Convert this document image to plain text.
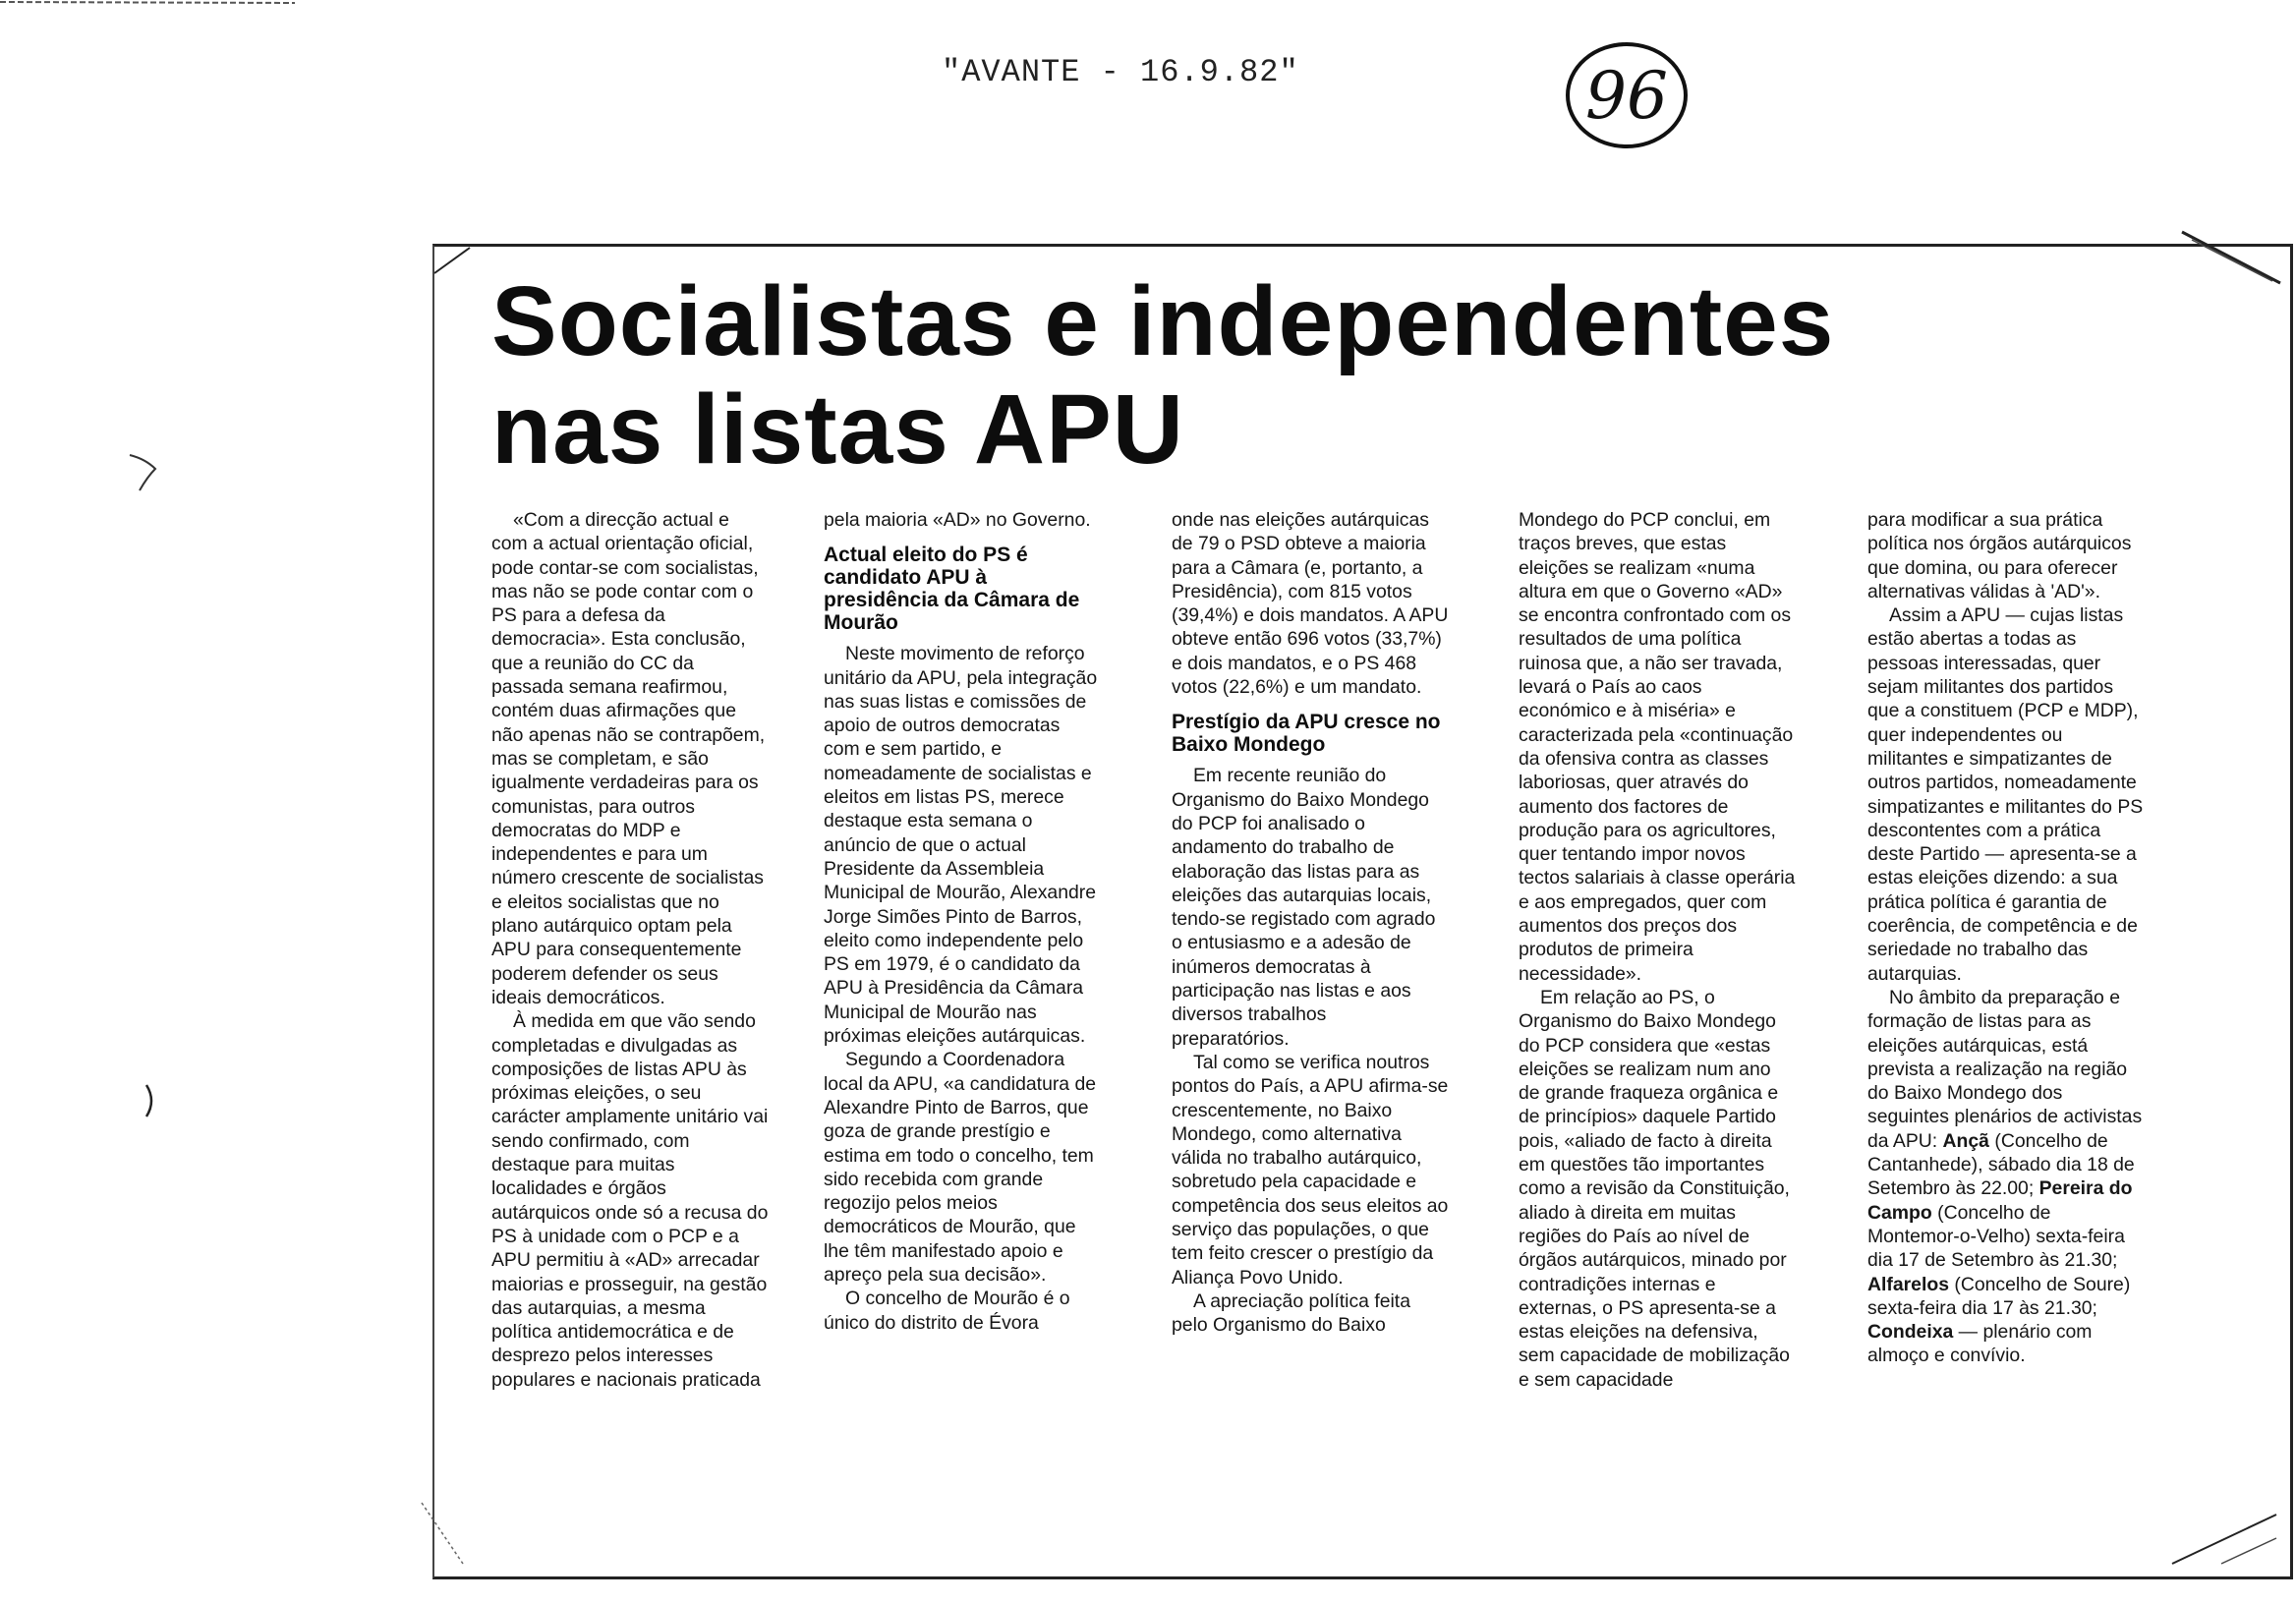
"AVANTE - 16.9.82"	96
Socialistas e independentes
nas listas APU

«Com a direcção actual e com a actual orientação oficial, pode contar-se com socialistas, mas não se pode contar com o PS para a defesa da democracia». Esta conclusão, que a reunião do CC da passada semana reafirmou, contém duas afirmações que não apenas não se contrapõem, mas se completam, e são igualmente verdadeiras para os comunistas, para outros democratas do MDP e independentes e para um número crescente de socialistas e eleitos socialistas que no plano autárquico optam pela APU para consequentemente poderem defender os seus ideais democráticos.

À medida em que vão sendo completadas e divulgadas as composições de listas APU às próximas eleições, o seu carácter amplamente unitário vai sendo confirmado, com destaque para muitas localidades e órgãos autárquicos onde só a recusa do PS à unidade com o PCP e a APU permitiu à «AD» arrecadar maiorias e prosseguir, na gestão das autarquias, a mesma política antidemocrática e de desprezo pelos interesses populares e nacionais praticada

pela maioria «AD» no Governo.

Actual eleito do PS é candidato APU à presidência da Câmara de Mourão

Neste movimento de reforço unitário da APU, pela integração nas suas listas e comissões de apoio de outros democratas com e sem partido, e nomeadamente de socialistas e eleitos em listas PS, merece destaque esta semana o anúncio de que o actual Presidente da Assembleia Municipal de Mourão, Alexandre Jorge Simões Pinto de Barros, eleito como independente pelo PS em 1979, é o candidato da APU à Presidência da Câmara Municipal de Mourão nas próximas eleições autárquicas.

Segundo a Coordenadora local da APU, «a candidatura de Alexandre Pinto de Barros, que goza de grande prestígio e estima em todo o concelho, tem sido recebida com grande regozijo pelos meios democráticos de Mourão, que lhe têm manifestado apoio e apreço pela sua decisão».

O concelho de Mourão é o único do distrito de Évora

onde nas eleições autárquicas de 79 o PSD obteve a maioria para a Câmara (e, portanto, a Presidência), com 815 votos (39,4%) e dois mandatos. A APU obteve então 696 votos (33,7%) e dois mandatos, e o PS 468 votos (22,6%) e um mandato.

Prestígio da APU cresce no Baixo Mondego

Em recente reunião do Organismo do Baixo Mondego do PCP foi analisado o andamento do trabalho de elaboração das listas para as eleições das autarquias locais, tendo-se registado com agrado o entusiasmo e a adesão de inúmeros democratas à participação nas listas e aos diversos trabalhos preparatórios.

Tal como se verifica noutros pontos do País, a APU afirma-se crescentemente, no Baixo Mondego, como alternativa válida no trabalho autárquico, sobretudo pela capacidade e competência dos seus eleitos ao serviço das populações, o que tem feito crescer o prestígio da Aliança Povo Unido.

A apreciação política feita pelo Organismo do Baixo

Mondego do PCP conclui, em traços breves, que estas eleições se realizam «numa altura em que o Governo «AD» se encontra confrontado com os resultados de uma política ruinosa que, a não ser travada, levará o País ao caos económico e à miséria» e caracterizada pela «continuação da ofensiva contra as classes laboriosas, quer através do aumento dos factores de produção para os agricultores, quer tentando impor novos tectos salariais à classe operária e aos empregados, quer com aumentos dos preços dos produtos de primeira necessidade».

Em relação ao PS, o Organismo do Baixo Mondego do PCP considera que «estas eleições se realizam num ano de grande fraqueza orgânica e de princípios» daquele Partido pois, «aliado de facto à direita em questões tão importantes como a revisão da Constituição, aliado à direita em muitas regiões do País ao nível de órgãos autárquicos, minado por contradições internas e externas, o PS apresenta-se a estas eleições na defensiva, sem capacidade de mobilização e sem capacidade

para modificar a sua prática política nos órgãos autárquicos que domina, ou para oferecer alternativas válidas à 'AD'».

Assim a APU — cujas listas estão abertas a todas as pessoas interessadas, quer sejam militantes dos partidos que a constituem (PCP e MDP), quer independentes ou militantes e simpatizantes de outros partidos, nomeadamente simpatizantes e militantes do PS descontentes com a prática deste Partido — apresenta-se a estas eleições dizendo: a sua prática política é garantia de coerência, de competência e de seriedade no trabalho das autarquias.

No âmbito da preparação e formação de listas para as eleições autárquicas, está prevista a realização na região do Baixo Mondego dos seguintes plenários de activistas da APU: Ançã (Concelho de Cantanhede), sábado dia 18 de Setembro às 22.00; Pereira do Campo (Concelho de Montemor-o-Velho) sexta-feira dia 17 de Setembro às 21.30; Alfarelos (Concelho de Soure) sexta-feira dia 17 às 21.30; Condeixa — plenário com almoço e convívio.
